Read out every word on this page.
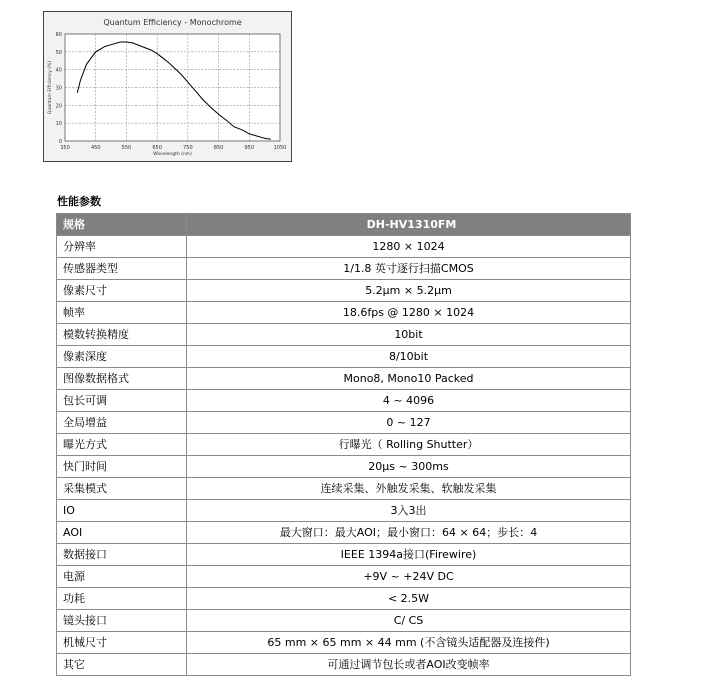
Quantum Efficiency - Monochrome
0
10
20
30
40
50
60
350	450	550	650	750	850	950	1050
Wavelength (nm)
Quantum Efficiency (%)
性能参数
规格	DH-HV1310FM
分辨率	1280 × 1024
传感器类型	1/1.8 英寸逐行扫描CMOS
像素尺寸	5.2μm × 5.2μm
帧率	18.6fps @ 1280 × 1024
模数转换精度	10bit
像素深度	8/10bit
图像数据格式	Mono8, Mono10 Packed
包长可调	4 ~ 4096
全局增益	0 ~ 127
曝光方式	行曝光（ Rolling Shutter）
快门时间	20μs ~ 300ms
采集模式	连续采集、外触发采集、软触发采集
IO	3入3出
AOI	最大窗口：最大AOI；最小窗口：64 × 64；步长：4
数据接口	IEEE 1394a接口(Firewire)
电源	+9V ~ +24V DC
功耗	< 2.5W
镜头接口	C/ CS
机械尺寸	65 mm × 65 mm × 44 mm (不含镜头适配器及连接件)
其它	可通过调节包长或者AOI改变帧率
